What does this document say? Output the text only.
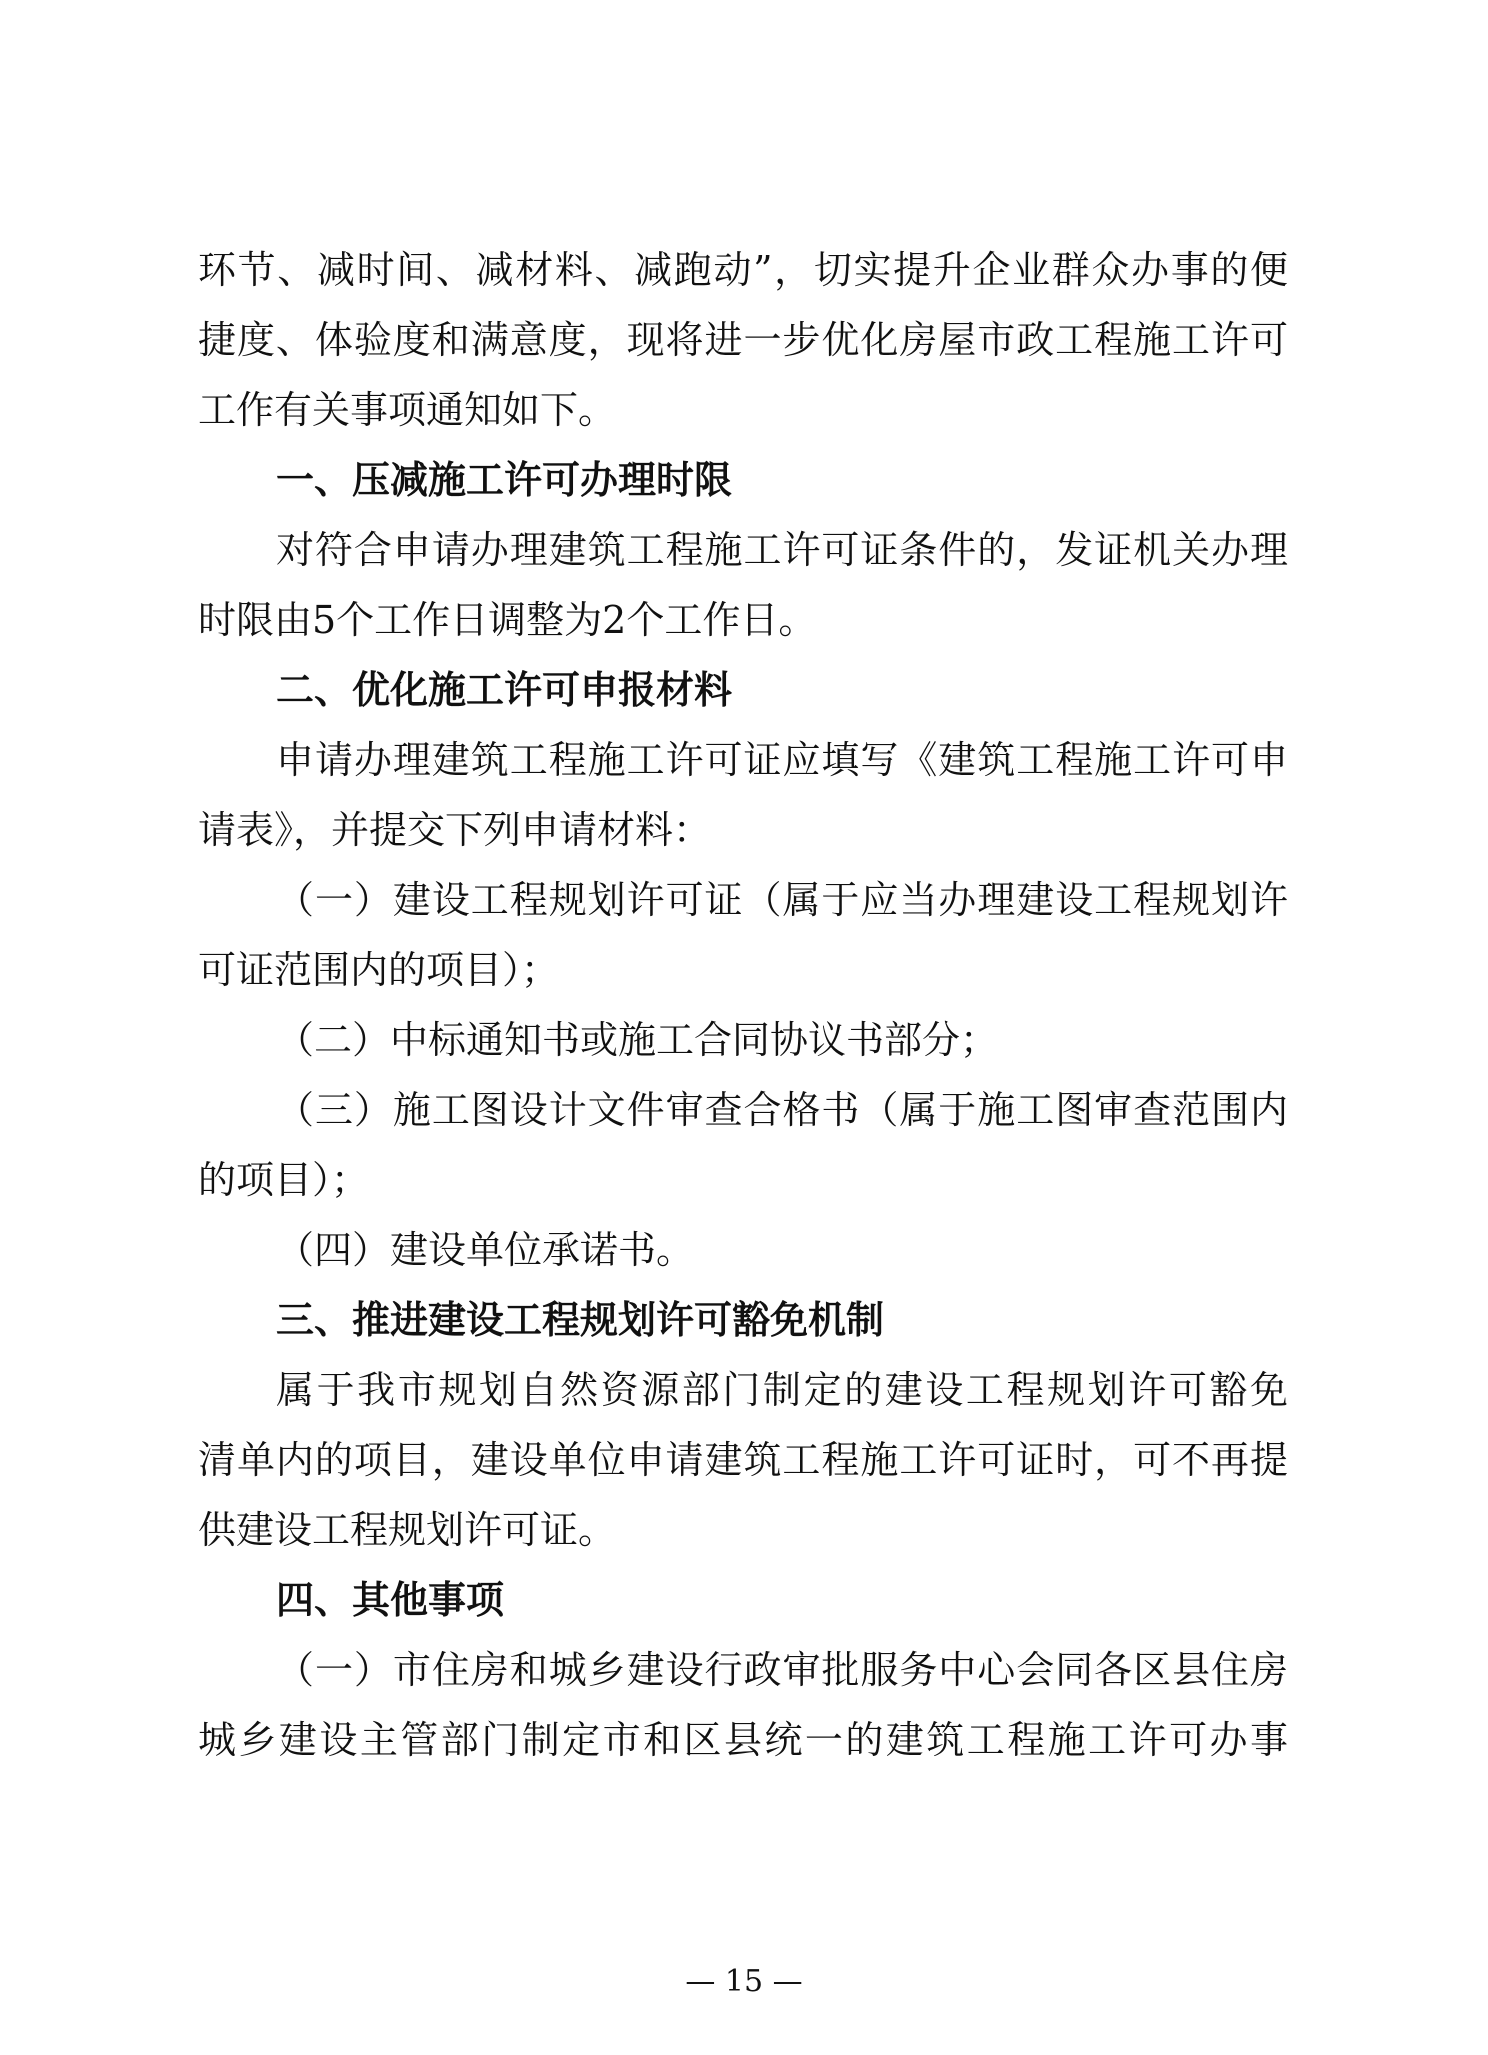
环节、减时间、减材料、减跑动”，切实提升企业群众办事的便
捷度、体验度和满意度，现将进一步优化房屋市政工程施工许可
工作有关事项通知如下。
一、压减施工许可办理时限
对符合申请办理建筑工程施工许可证条件的，发证机关办理
时限由5个工作日调整为2个工作日。
二、优化施工许可申报材料
申请办理建筑工程施工许可证应填写《建筑工程施工许可申
请表》，并提交下列申请材料：
（一）建设工程规划许可证（属于应当办理建设工程规划许
可证范围内的项目）；
（二）中标通知书或施工合同协议书部分；
（三）施工图设计文件审查合格书（属于施工图审查范围内
的项目）；
（四）建设单位承诺书。
三、推进建设工程规划许可豁免机制
属于我市规划自然资源部门制定的建设工程规划许可豁免
清单内的项目，建设单位申请建筑工程施工许可证时，可不再提
供建设工程规划许可证。
四、其他事项
（一）市住房和城乡建设行政审批服务中心会同各区县住房
城乡建设主管部门制定市和区县统一的建筑工程施工许可办事
— 15 —
